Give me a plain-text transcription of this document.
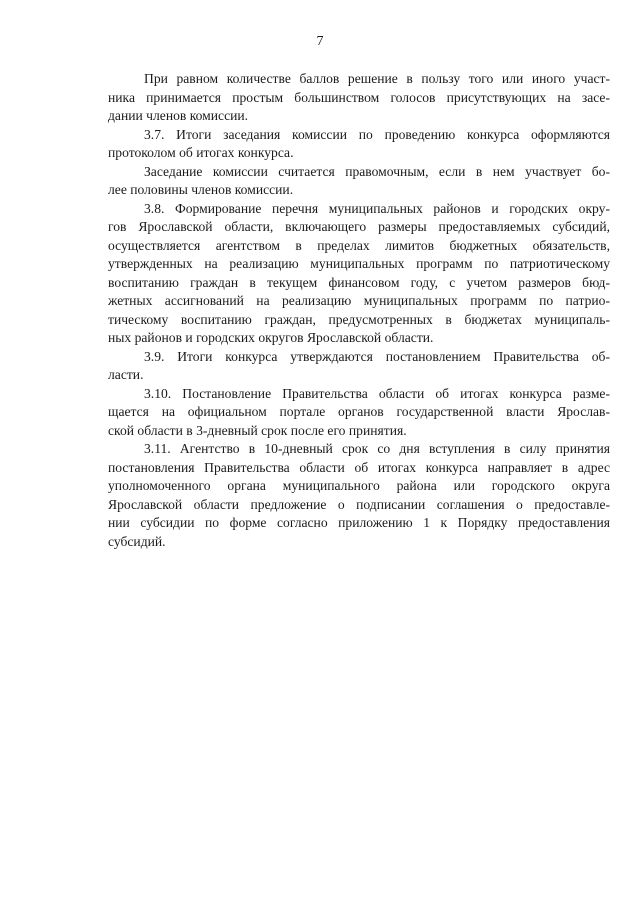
7
При равном количестве баллов решение в пользу того или иного участ-
ника принимается простым большинством голосов присутствующих на засе-
дании членов комиссии.
3.7. Итоги заседания комиссии по проведению конкурса оформляются
протоколом об итогах конкурса.
Заседание комиссии считается правомочным, если в нем участвует бо-
лее половины членов комиссии.
3.8. Формирование перечня муниципальных районов и городских окру-
гов Ярославской области, включающего размеры предоставляемых субсидий,
осуществляется агентством в пределах лимитов бюджетных обязательств,
утвержденных на реализацию муниципальных программ по патриотическому
воспитанию граждан в текущем финансовом году, с учетом размеров бюд-
жетных ассигнований на реализацию муниципальных программ по патрио-
тическому воспитанию граждан, предусмотренных в бюджетах муниципаль-
ных районов и городских округов Ярославской области.
3.9. Итоги конкурса утверждаются постановлением Правительства об-
ласти.
3.10. Постановление Правительства области об итогах конкурса разме-
щается на официальном портале органов государственной власти Ярослав-
ской области в 3-дневный срок после его принятия.
3.11. Агентство в 10-дневный срок со дня вступления в силу принятия
постановления Правительства области об итогах конкурса направляет в адрес
уполномоченного органа муниципального района или городского округа
Ярославской области предложение о подписании соглашения о предоставле-
нии субсидии по форме согласно приложению 1 к Порядку предоставления
субсидий.
